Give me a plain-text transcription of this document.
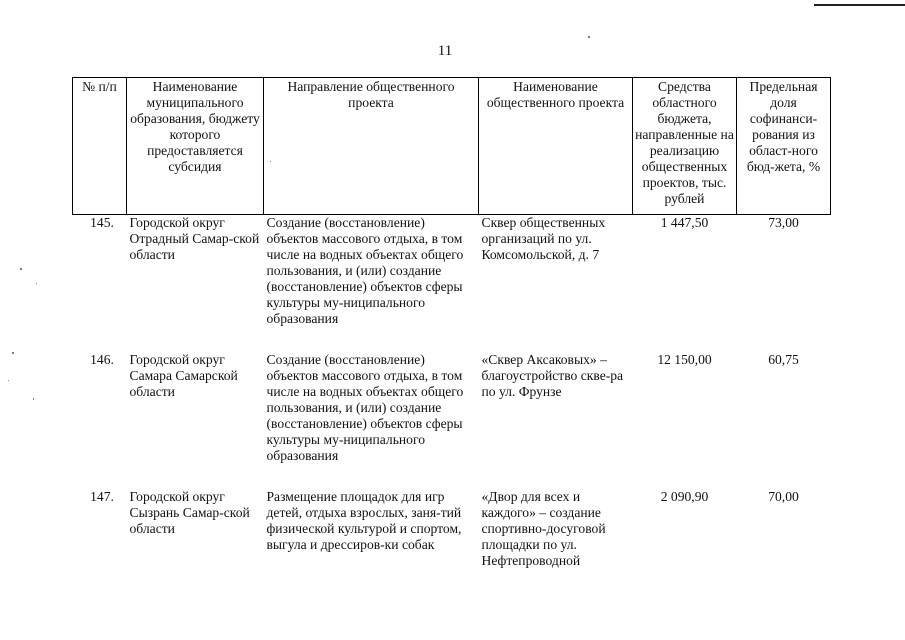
11
№ п/п	Наименование муниципального образования, бюджету которого предоставляется субсидия	Направление общественного проекта	Наименование общественного проекта	Средства областного бюджета, направленные на реализацию общественных проектов, тыс. рублей	Предельная доля софинанси-рования из област-ного бюд-жета, %
145.	Городской округ Отрадный Самар-ской области	Создание (восстановление) объектов массового отдыха, в том числе на водных объектах общего пользования, и (или) создание (восстановление) объектов сферы культуры му-ниципального образования	Сквер общественных организаций по ул. Комсомольской, д. 7	1 447,50	73,00
146.	Городской округ Самара Самарской области	Создание (восстановление) объектов массового отдыха, в том числе на водных объектах общего пользования, и (или) создание (восстановление) объектов сферы культуры му-ниципального образования	«Сквер Аксаковых» – благоустройство скве-ра по ул. Фрунзе	12 150,00	60,75
147.	Городской округ Сызрань Самар-ской области	Размещение площадок для игр детей, отдыха взрослых, заня-тий физической культурой и спортом, выгула и дрессиров-ки собак	«Двор для всех и каждого» – создание спортивно-досуговой площадки по ул. Нефтепроводной	2 090,90	70,00
